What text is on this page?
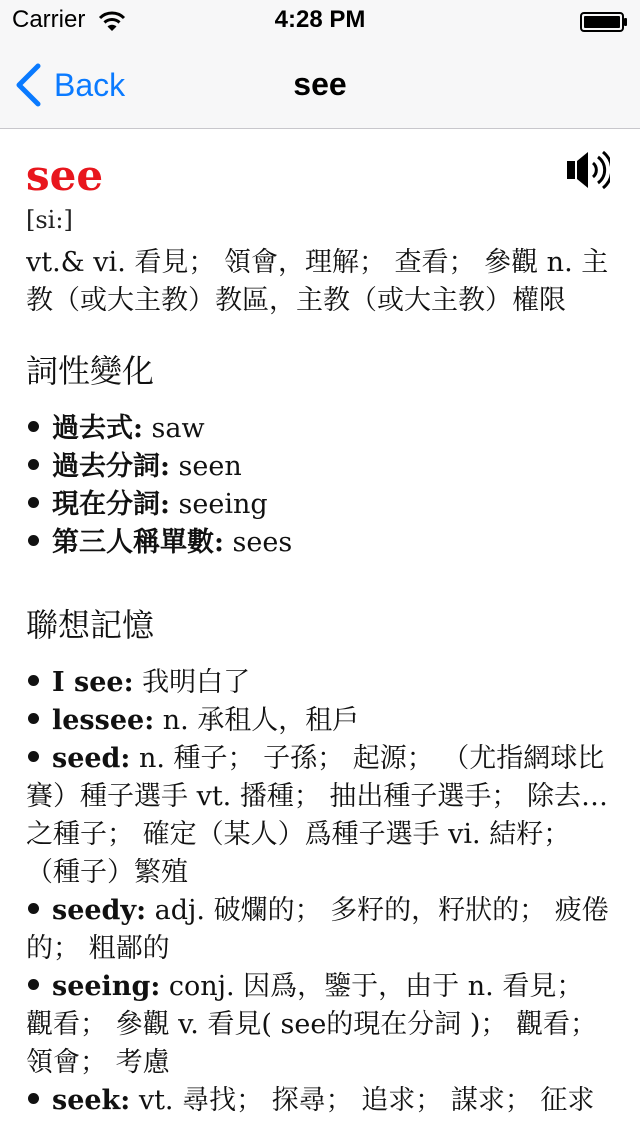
Carrier	4:28 PM
Back	see
see
[si:]
vt.& vi. 看見； 領會，理解； 查看； 參觀 n. 主教（或大主教）教區，主教（或大主教）權限
詞性變化
過去式: saw
過去分詞: seen
現在分詞: seeing
第三人稱單數: sees
聯想記憶
I see: 我明白了
lessee: n. 承租人，租戶
seed: n. 種子； 子孫； 起源； （尤指網球比賽）種子選手 vt. 播種； 抽出種子選手； 除去…之種子； 確定（某人）爲種子選手 vi. 結籽； （種子）繁殖
seedy: adj. 破爛的； 多籽的，籽狀的； 疲倦的； 粗鄙的
seeing: conj. 因爲，鑒于，由于 n. 看見； 觀看； 參觀 v. 看見( see的現在分詞 )； 觀看； 領會； 考慮
seek: vt. 尋找； 探尋； 追求； 謀求； 征求
